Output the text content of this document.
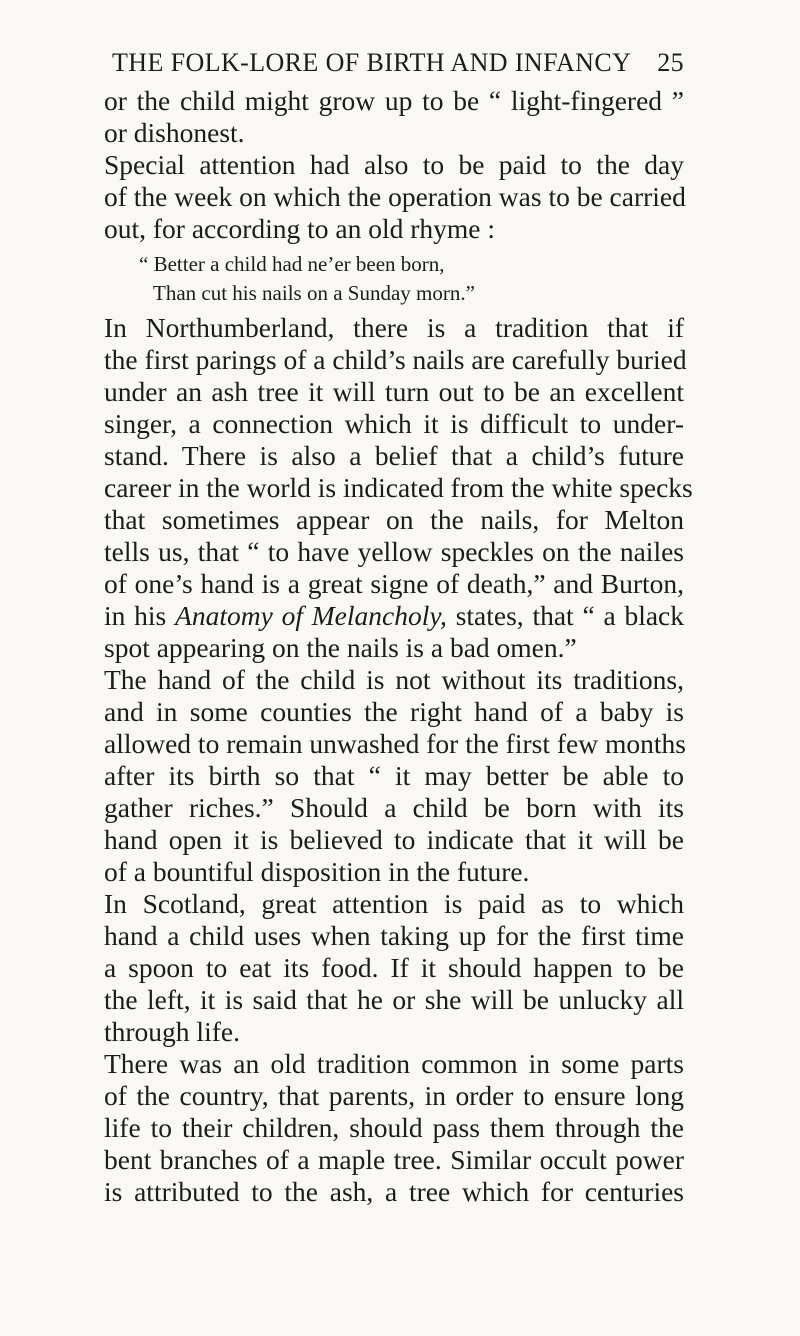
THE FOLK-LORE OF BIRTH AND INFANCY 25
or the child might grow up to be “ light-fingered ”
or dishonest.
Special attention had also to be paid to the day
of the week on which the operation was to be carried
out, for according to an old rhyme :
“ Better a child had ne’er been born,
Than cut his nails on a Sunday morn.”
In Northumberland, there is a tradition that if
the first parings of a child’s nails are carefully buried
under an ash tree it will turn out to be an excellent
singer, a connection which it is difficult to under-
stand. There is also a belief that a child’s future
career in the world is indicated from the white specks
that sometimes appear on the nails, for Melton
tells us, that “ to have yellow speckles on the nailes
of one’s hand is a great signe of death,” and Burton,
in his Anatomy of Melancholy, states, that “ a black
spot appearing on the nails is a bad omen.”
The hand of the child is not without its traditions,
and in some counties the right hand of a baby is
allowed to remain unwashed for the first few months
after its birth so that “ it may better be able to
gather riches.” Should a child be born with its
hand open it is believed to indicate that it will be
of a bountiful disposition in the future.
In Scotland, great attention is paid as to which
hand a child uses when taking up for the first time
a spoon to eat its food. If it should happen to be
the left, it is said that he or she will be unlucky all
through life.
There was an old tradition common in some parts
of the country, that parents, in order to ensure long
life to their children, should pass them through the
bent branches of a maple tree. Similar occult power
is attributed to the ash, a tree which for centuries
